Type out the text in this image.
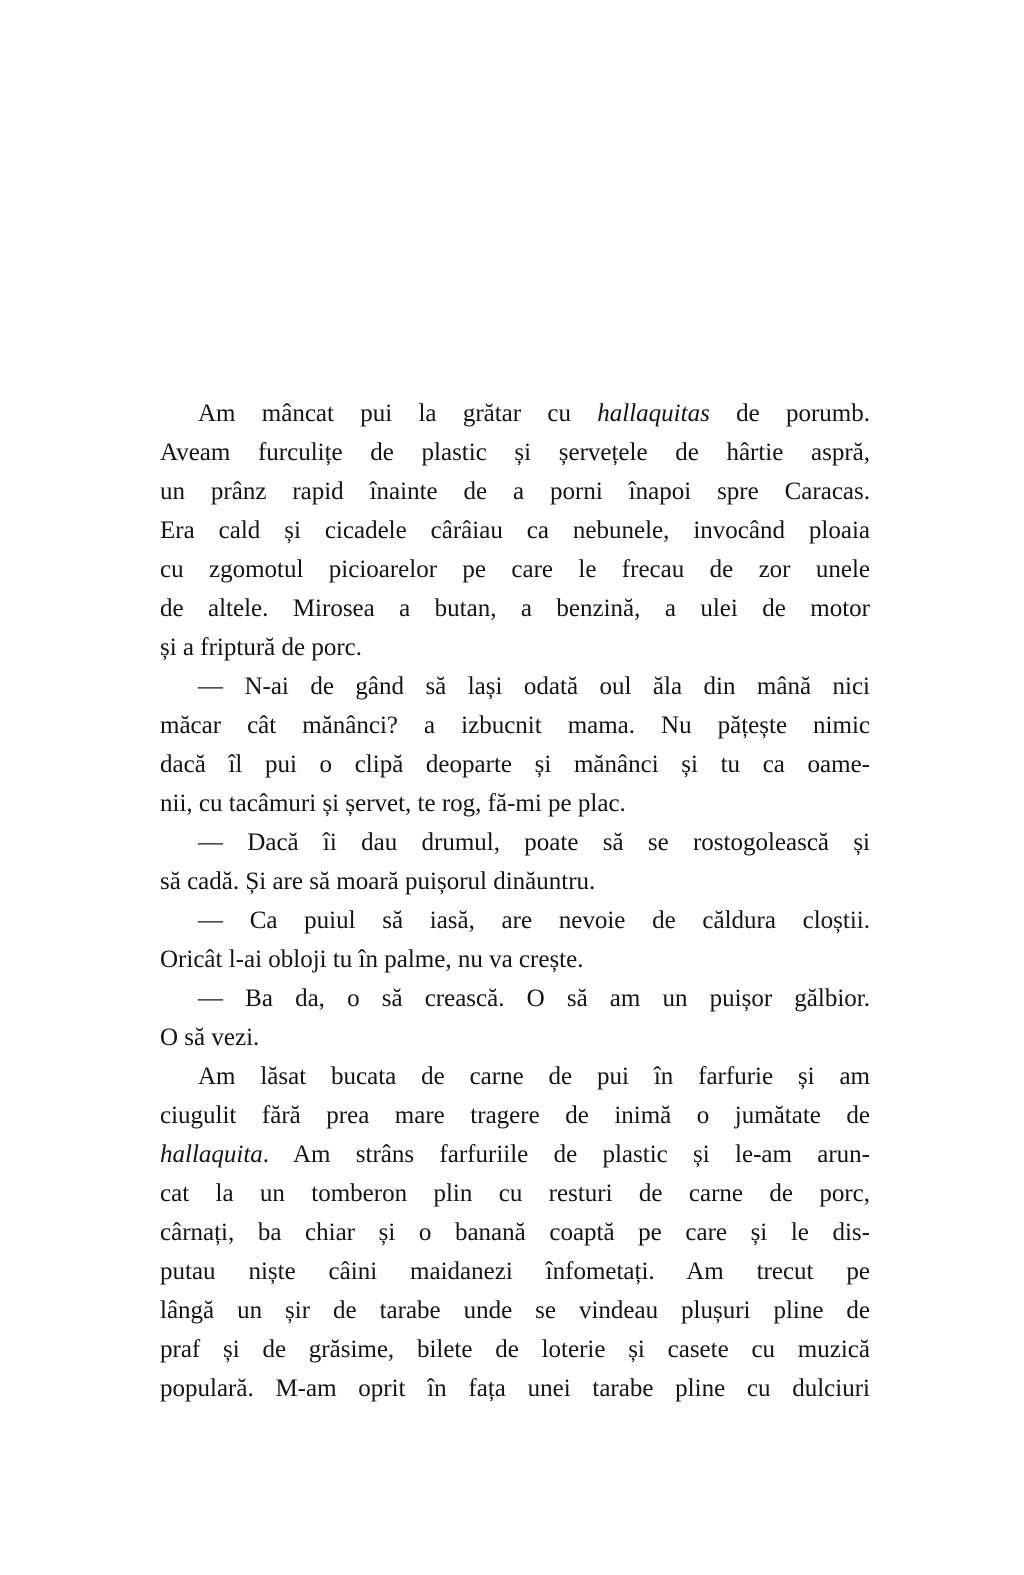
Am mâncat pui la grătar cu hallaquitas de porumb.
Aveam furculițe de plastic și șervețele de hârtie aspră,
un prânz rapid înainte de a porni înapoi spre Caracas.
Era cald și cicadele cârâiau ca nebunele, invocând ploaia
cu zgomotul picioarelor pe care le frecau de zor unele
de altele. Mirosea a butan, a benzină, a ulei de motor
și a friptură de porc.
— N-ai de gând să lași odată oul ăla din mână nici
măcar cât mănânci? a izbucnit mama. Nu pățește nimic
dacă îl pui o clipă deoparte și mănânci și tu ca oame-
nii, cu tacâmuri și șervet, te rog, fă-mi pe plac.
— Dacă îi dau drumul, poate să se rostogolească și
să cadă. Și are să moară puișorul dinăuntru.
— Ca puiul să iasă, are nevoie de căldura cloștii.
Oricât l-ai obloji tu în palme, nu va crește.
— Ba da, o să crească. O să am un puișor gălbior.
O să vezi.
Am lăsat bucata de carne de pui în farfurie și am
ciugulit fără prea mare tragere de inimă o jumătate de
hallaquita. Am strâns farfuriile de plastic și le-am arun-
cat la un tomberon plin cu resturi de carne de porc,
cârnați, ba chiar și o banană coaptă pe care și le dis-
putau niște câini maidanezi înfometați. Am trecut pe
lângă un șir de tarabe unde se vindeau plușuri pline de
praf și de grăsime, bilete de loterie și casete cu muzică
populară. M-am oprit în fața unei tarabe pline cu dulciuri
